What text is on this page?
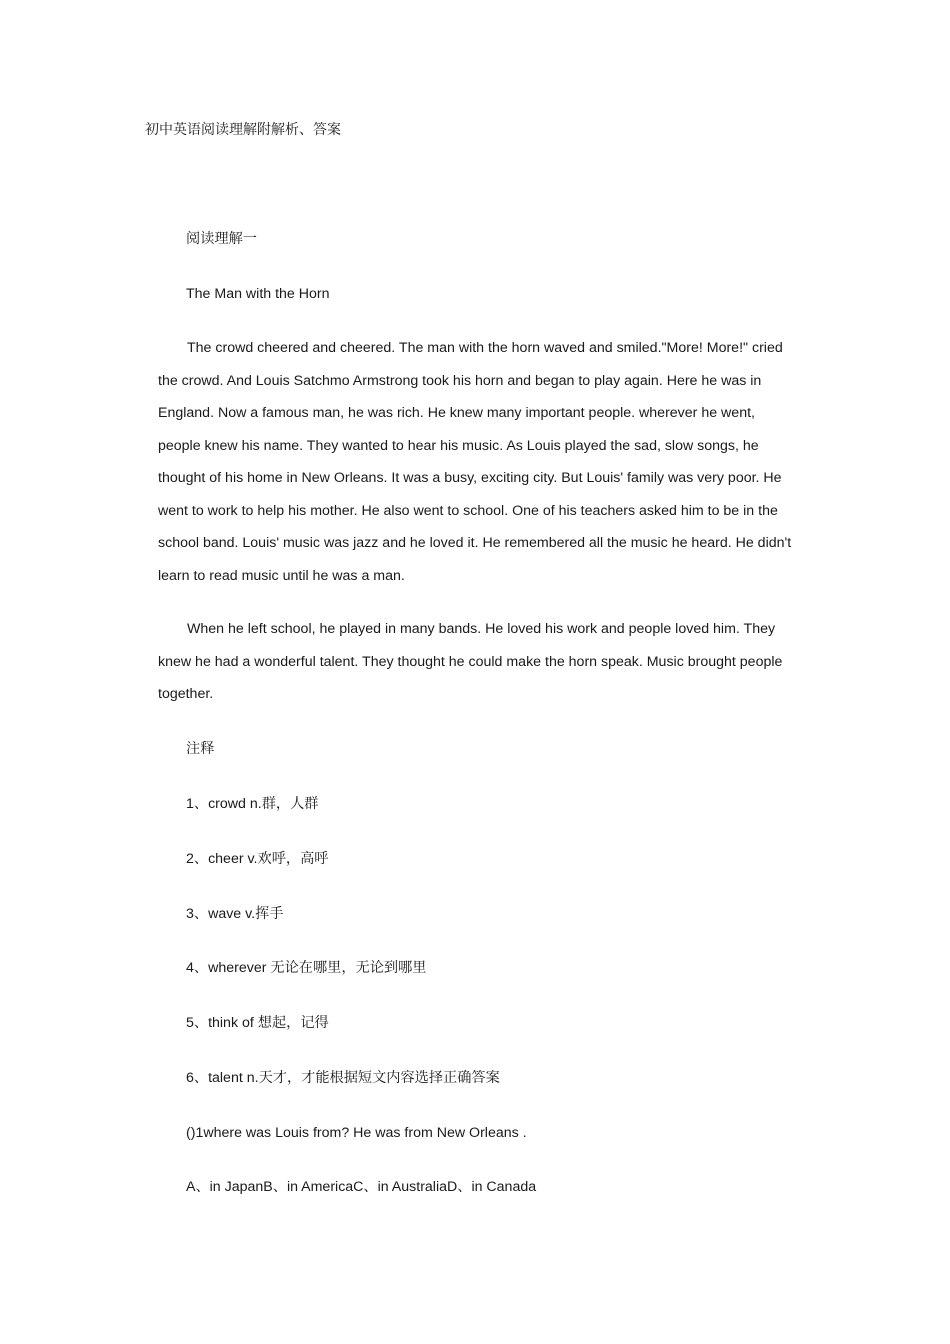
初中英语阅读理解附解析、答案
阅读理解一
The Man with the Horn

The crowd cheered and cheered. The man with the horn waved and smiled."More! More!" cried the crowd. And Louis Satchmo Armstrong took his horn and began to play again. Here he was in England. Now a famous man, he was rich. He knew many important people. wherever he went, people knew his name. They wanted to hear his music. As Louis played the sad, slow songs, he thought of his home in New Orleans. It was a busy, exciting city. But Louis' family was very poor. He went to work to help his mother. He also went to school. One of his teachers asked him to be in the school band. Louis' music was jazz and he loved it. He remembered all the music he heard. He didn't learn to read music until he was a man.

When he left school, he played in many bands. He loved his work and people loved him. They knew he had a wonderful talent. They thought he could make the horn speak. Music brought people together.

注释
1、crowd n.群，人群
2、cheer v.欢呼，高呼
3、wave v.挥手
4、wherever 无论在哪里，无论到哪里
5、think of 想起，记得
6、talent n.天才，才能根据短文内容选择正确答案
()1where was Louis from? He was from New Orleans .
A、in JapanB、in AmericaC、in AustraliaD、in Canada
